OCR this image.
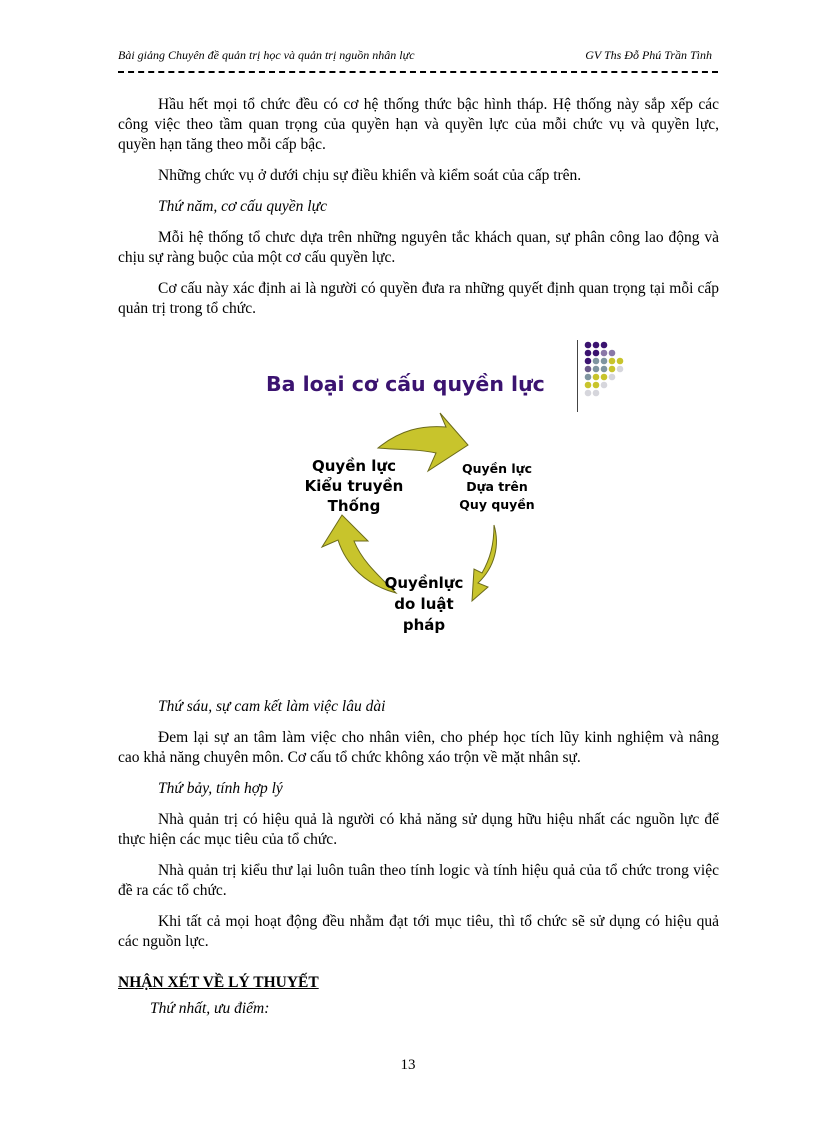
Bài giảng Chuyên đề quản trị học và quản trị nguồn nhân lực	GV Ths Đỗ Phú Trần Tình

Hầu hết mọi tổ chức đều có cơ hệ thống thức bậc hình tháp. Hệ thống này sắp xếp các công việc theo tầm quan trọng của quyền hạn và quyền lực của mỗi chức vụ và quyền lực, quyền hạn tăng theo mỗi cấp bậc.

Những chức vụ ở dưới chịu sự điều khiển và kiểm soát của cấp trên.

Thứ năm, cơ cấu quyền lực

Mỗi hệ thống tổ chưc dựa trên những nguyên tắc khách quan, sự phân công lao động và chịu sự ràng buộc của một cơ cấu quyền lực.

Cơ cấu này xác định ai là người có quyền đưa ra những quyết định quan trọng tại mỗi cấp quản trị trong tổ chức.

Ba loại cơ cấu quyền lực
Quyền lực
Kiểu truyền
Thống
Quyền lực
Dựa trên
Quy quyền
Quyềnlực
do luật
pháp

Thứ sáu, sự cam kết làm việc lâu dài

Đem lại sự an tâm làm việc cho nhân viên, cho phép học tích lũy kinh nghiệm và nâng cao khả năng chuyên môn. Cơ cấu tổ chức không xáo trộn về mặt nhân sự.

Thứ bảy, tính hợp lý

Nhà quản trị có hiệu quả là người có khả năng sử dụng hữu hiệu nhất các nguồn lực để thực hiện các mục tiêu của tổ chức.

Nhà quản trị kiểu thư lại luôn tuân theo tính logic và tính hiệu quả của tổ chức trong việc đề ra các tổ chức.

Khi tất cả mọi hoạt động đều nhằm đạt tới mục tiêu, thì tổ chức sẽ sử dụng có hiệu quả các nguồn lực.

NHẬN XÉT VỀ LÝ THUYẾT
Thứ nhất, ưu điểm:
13
